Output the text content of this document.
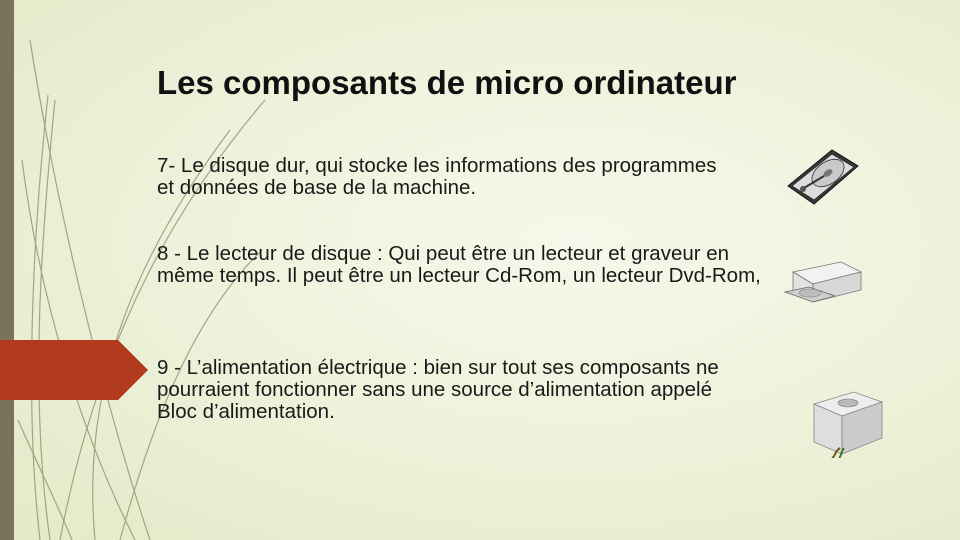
Les composants de micro ordinateur

7- Le disque dur, qui stocke les informations des programmes et données de base de la machine.

8 - Le lecteur de disque : Qui peut être un lecteur et graveur en même temps. Il peut être un lecteur Cd-Rom, un lecteur Dvd-Rom,

9 - L’alimentation électrique : bien sur tout ses composants ne pourraient fonctionner sans une source d’alimentation appelé Bloc d’alimentation.
